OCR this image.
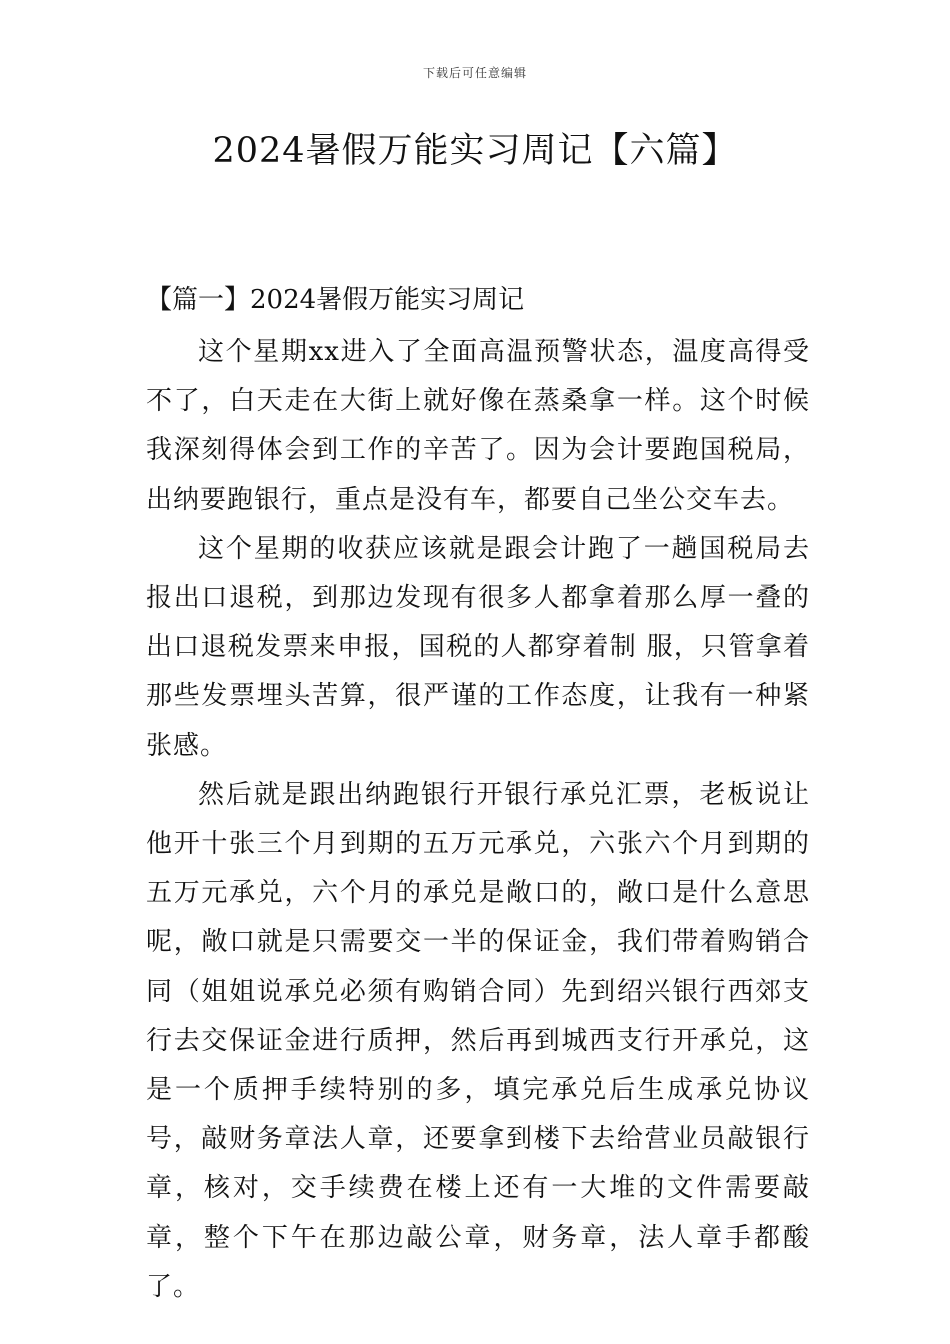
下载后可任意编辑
2024暑假万能实习周记【六篇】
【篇一】2024暑假万能实习周记

这个星期xx进入了全面高温预警状态，温度高得受不了，白天走在大街上就好像在蒸桑拿一样。这个时候我深刻得体会到工作的辛苦了。因为会计要跑国税局，出纳要跑银行，重点是没有车，都要自己坐公交车去。

这个星期的收获应该就是跟会计跑了一趟国税局去报出口退税，到那边发现有很多人都拿着那么厚一叠的出口退税发票来申报，国税的人都穿着制 服，只管拿着那些发票埋头苦算，很严谨的工作态度，让我有一种紧张感。

然后就是跟出纳跑银行开银行承兑汇票，老板说让他开十张三个月到期的五万元承兑，六张六个月到期的五万元承兑，六个月的承兑是敞口的，敞口是什么意思呢，敞口就是只需要交一半的保证金，我们带着购销合同（姐姐说承兑必须有购销合同）先到绍兴银行西郊支行去交保证金进行质押，然后再到城西支行开承兑，这是一个质押手续特别的多，填完承兑后生成承兑协议号，敲财务章法人章，还要拿到楼下去给营业员敲银行章，核对，交手续费在楼上还有一大堆的文件需要敲章，整个下午在那边敲公章，财务章，法人章手都酸了。
